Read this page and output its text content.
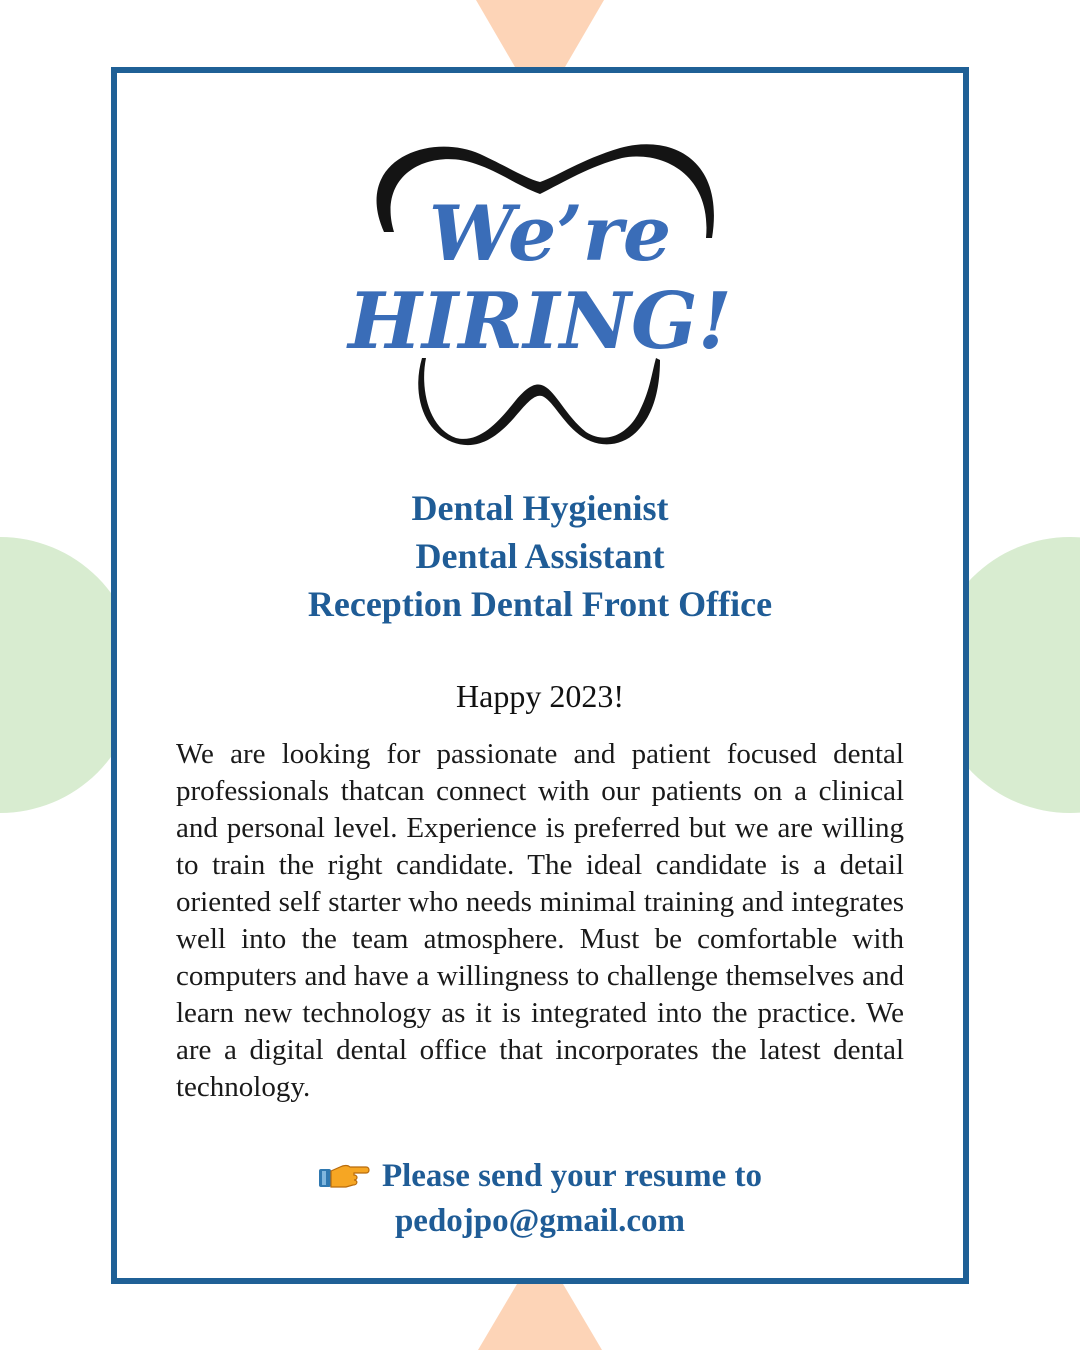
We’re
HIRING!
Dental Hygienist
Dental Assistant
Reception Dental Front Office
Happy 2023!
We are looking for passionate and patient focused dental professionals thatcan connect with our patients on a clinical and personal level. Experience is preferred but we are willing to train the right candidate. The ideal candidate is a detail oriented self starter who needs minimal training and integrates well into the team atmosphere. Must be comfortable with computers and have a willingness to challenge themselves and learn new technology as it is integrated into the practice. We are a digital dental office that incorporates the latest dental technology.
Please send your resume to
pedojpo@gmail.com
